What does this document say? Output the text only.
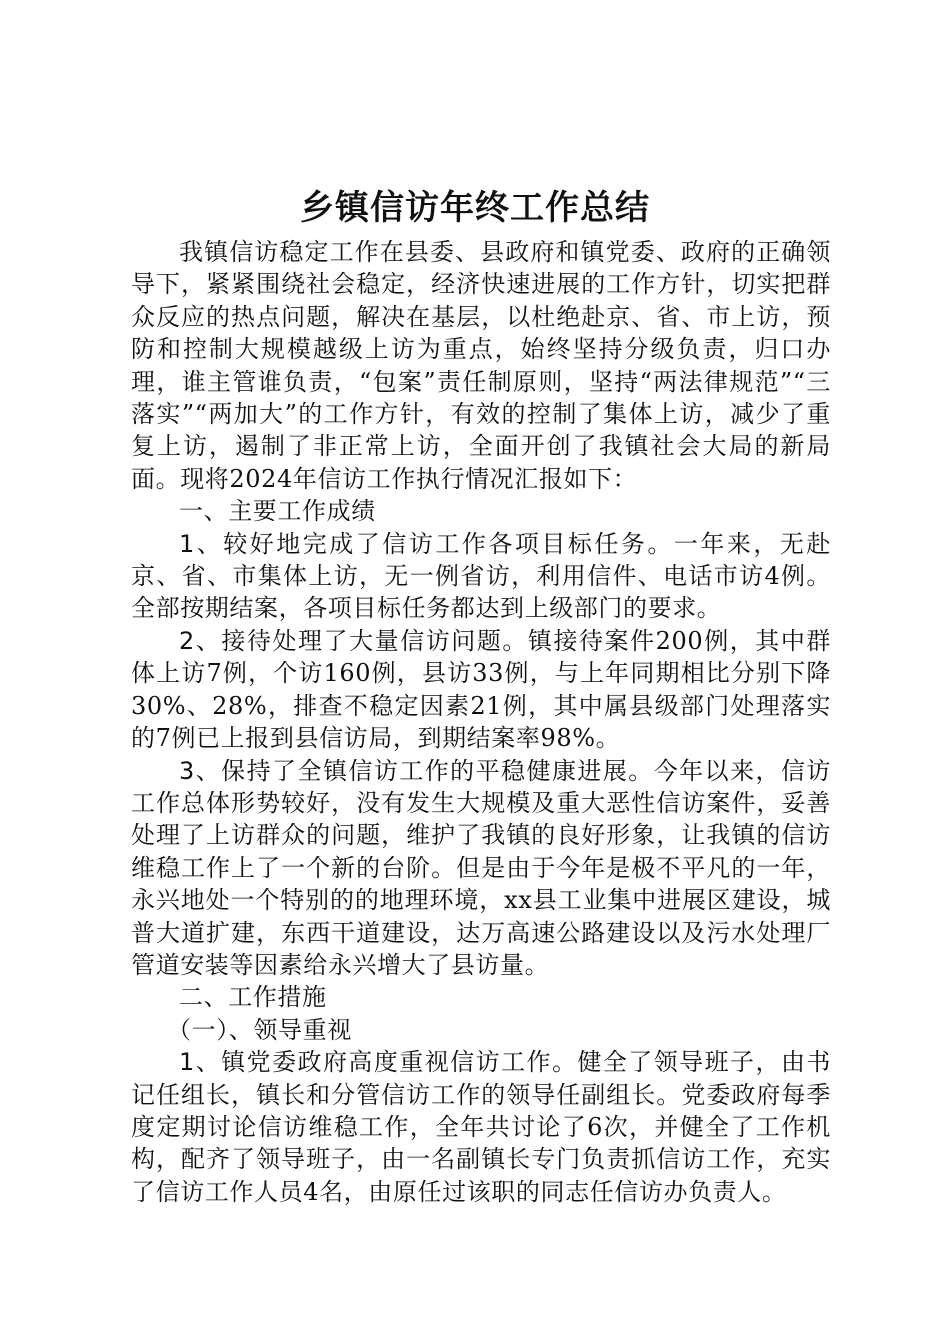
乡镇信访年终工作总结

我镇信访稳定工作在县委、县政府和镇党委、政府的正确领导下，紧紧围绕社会稳定，经济快速进展的工作方针，切实把群众反应的热点问题，解决在基层，以杜绝赴京、省、市上访，预防和控制大规模越级上访为重点，始终坚持分级负责，归口办理，谁主管谁负责，“包案”责任制原则，坚持“两法律规范”“三落实”“两加大”的工作方针，有效的控制了集体上访，减少了重复上访，遏制了非正常上访，全面开创了我镇社会大局的新局面。现将2024年信访工作执行情况汇报如下：

一、主要工作成绩

1、较好地完成了信访工作各项目标任务。一年来，无赴京、省、市集体上访，无一例省访，利用信件、电话市访4例。全部按期结案，各项目标任务都达到上级部门的要求。

2、接待处理了大量信访问题。镇接待案件200例，其中群体上访7例，个访160例，县访33例，与上年同期相比分别下降30%、28%，排查不稳定因素21例，其中属县级部门处理落实的7例已上报到县信访局，到期结案率98%。

3、保持了全镇信访工作的平稳健康进展。今年以来，信访工作总体形势较好，没有发生大规模及重大恶性信访案件，妥善处理了上访群众的问题，维护了我镇的良好形象，让我镇的信访维稳工作上了一个新的台阶。但是由于今年是极不平凡的一年，永兴地处一个特别的的地理环境，xx县工业集中进展区建设，城普大道扩建，东西干道建设，达万高速公路建设以及污水处理厂管道安装等因素给永兴增大了县访量。

二、工作措施

（一）、领导重视

1、镇党委政府高度重视信访工作。健全了领导班子，由书记任组长，镇长和分管信访工作的领导任副组长。党委政府每季度定期讨论信访维稳工作，全年共讨论了6次，并健全了工作机构，配齐了领导班子，由一名副镇长专门负责抓信访工作，充实了信访工作人员4名，由原任过该职的同志任信访办负责人。
